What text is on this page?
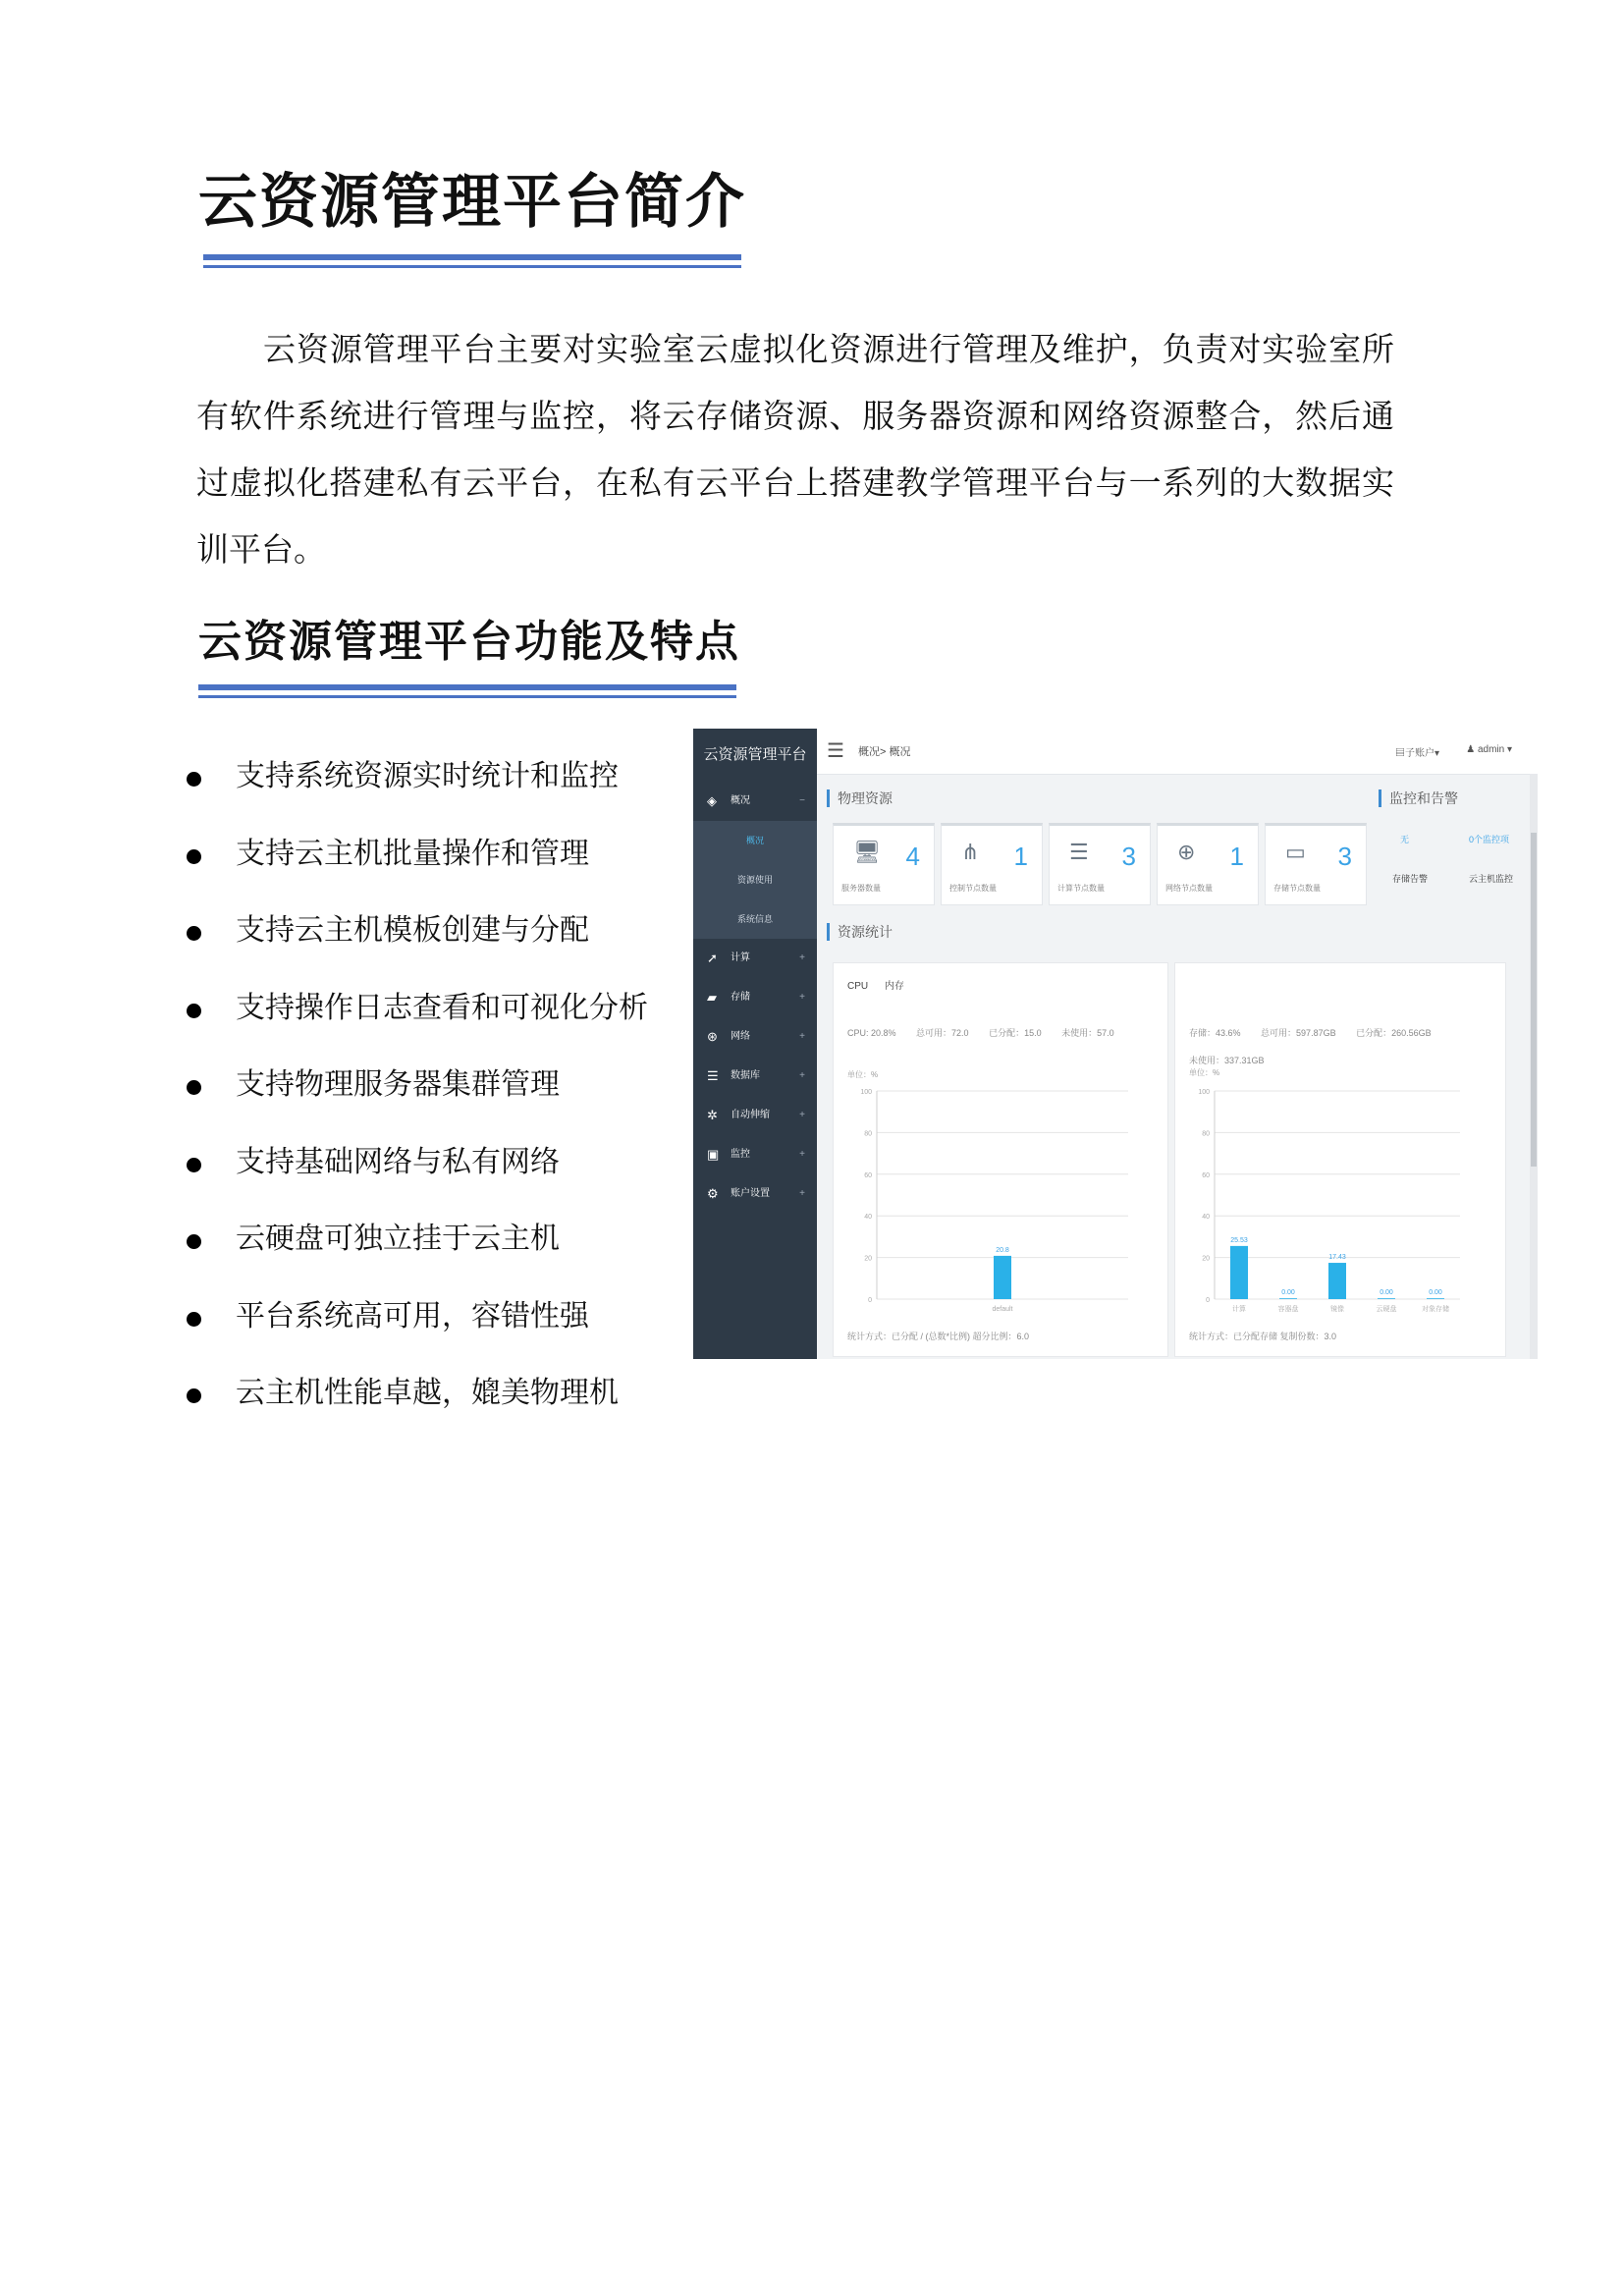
云资源管理平台简介

云资源管理平台主要对实验室云虚拟化资源进行管理及维护，负责对实验室所有软件系统进行管理与监控，将云存储资源、服务器资源和网络资源整合，然后通过虚拟化搭建私有云平台，在私有云平台上搭建教学管理平台与一系列的大数据实训平台。

云资源管理平台功能及特点
支持系统资源实时统计和监控
支持云主机批量操作和管理
支持云主机模板创建与分配
支持操作日志查看和可视化分析
支持物理服务器集群管理
支持基础网络与私有网络
云硬盘可独立挂于云主机
平台系统高可用，容错性强
云主机性能卓越，媲美物理机
云资源管理平台
◈ 概况	−
概况
资源使用
系统信息
➚ 计算	+
▰ 存储	+
⊛ 网络	+
☰ 数据库	+
✲ 自动伸缩	+
▣ 监控	+
⚙ 账户设置	+
☰ 概况> 概况	▤子账户▾	♟ admin ▾
物理资源	监控和告警
🖥 4
服务器数量
⋔ 1
控制节点数量
☰ 3
计算节点数量
⊕ 1
网络节点数量
▭ 3
存储节点数量
无	0个监控项
存储告警	云主机监控
资源统计
CPU 内存
CPU: 20.8% 总可用：72.0 已分配：15.0 未使用：57.0
单位：%
0
20
40
60
80
100
20.8
default
统计方式：已分配 / (总数*比例) 超分比例：6.0
存储：43.6% 总可用：597.87GB 已分配：260.56GB
未使用：337.31GB
单位：%
0
20
40
60
80
100
25.53
计算
0.00
容器盘
17.43
镜像
0.00
云硬盘
0.00
对象存储
统计方式：已分配存储 复制份数：3.0
